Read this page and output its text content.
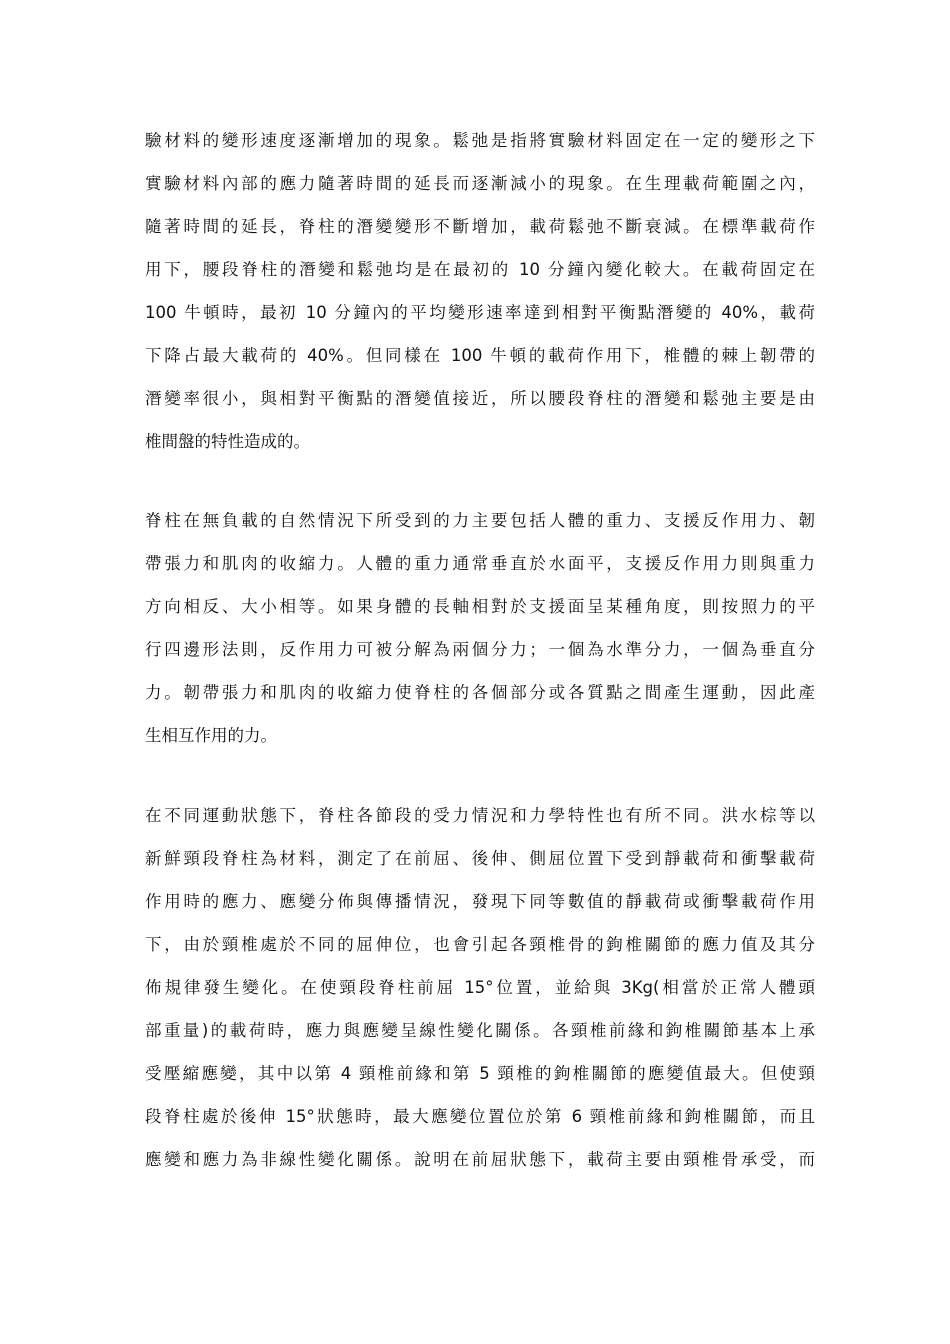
驗材料的變形速度逐漸增加的現象。鬆弛是指將實驗材料固定在一定的變形之下
實驗材料內部的應力隨著時間的延長而逐漸減小的現象。在生理載荷範圍之內，
隨著時間的延長，脊柱的潛變變形不斷增加，載荷鬆弛不斷衰減。在標準載荷作
用下，腰段脊柱的潛變和鬆弛均是在最初的 10 分鐘內變化較大。在載荷固定在
100 牛頓時，最初 10 分鐘內的平均變形速率達到相對平衡點潛變的 40%，載荷
下降占最大載荷的 40%。但同樣在 100 牛頓的載荷作用下，椎體的棘上韌帶的
潛變率很小，與相對平衡點的潛變值接近，所以腰段脊柱的潛變和鬆弛主要是由
椎間盤的特性造成的。
脊柱在無負載的自然情況下所受到的力主要包括人體的重力、支援反作用力、韌
帶張力和肌肉的收縮力。人體的重力通常垂直於水面平，支援反作用力則與重力
方向相反、大小相等。如果身體的長軸相對於支援面呈某種角度，則按照力的平
行四邊形法則，反作用力可被分解為兩個分力；一個為水準分力，一個為垂直分
力。韌帶張力和肌肉的收縮力使脊柱的各個部分或各質點之間產生運動，因此產
生相互作用的力。
在不同運動狀態下，脊柱各節段的受力情況和力學特性也有所不同。洪水棕等以
新鮮頸段脊柱為材料，測定了在前屈、後伸、側屈位置下受到靜載荷和衝擊載荷
作用時的應力、應變分佈與傳播情況，發現下同等數值的靜載荷或衝擊載荷作用
下，由於頸椎處於不同的屈伸位，也會引起各頸椎骨的鉤椎關節的應力值及其分
佈規律發生變化。在使頸段脊柱前屈 15°位置，並給與 3Kg(相當於正常人體頭
部重量)的載荷時，應力與應變呈線性變化關係。各頸椎前緣和鉤椎關節基本上承
受壓縮應變，其中以第 4 頸椎前緣和第 5 頸椎的鉤椎關節的應變值最大。但使頸
段脊柱處於後伸 15°狀態時，最大應變位置位於第 6 頸椎前緣和鉤椎關節，而且
應變和應力為非線性變化關係。說明在前屈狀態下，載荷主要由頸椎骨承受，而
